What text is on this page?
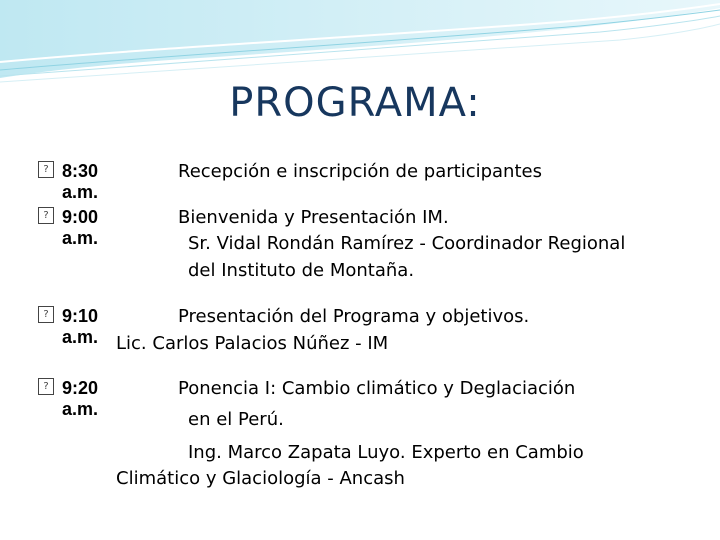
PROGRAMA:
? 8:30 a.m.
Recepción e inscripción de participantes
? 9:00 a.m.
Bienvenida y Presentación IM.
Sr. Vidal Rondán Ramírez - Coordinador Regional
del Instituto de Montaña.
? 9:10 a.m.
Presentación del Programa y objetivos.
Lic. Carlos Palacios Núñez - IM
? 9:20 a.m.
Ponencia I: Cambio climático y Deglaciación
en el Perú.
Ing. Marco Zapata Luyo. Experto en Cambio
Climático y Glaciología - Ancash
